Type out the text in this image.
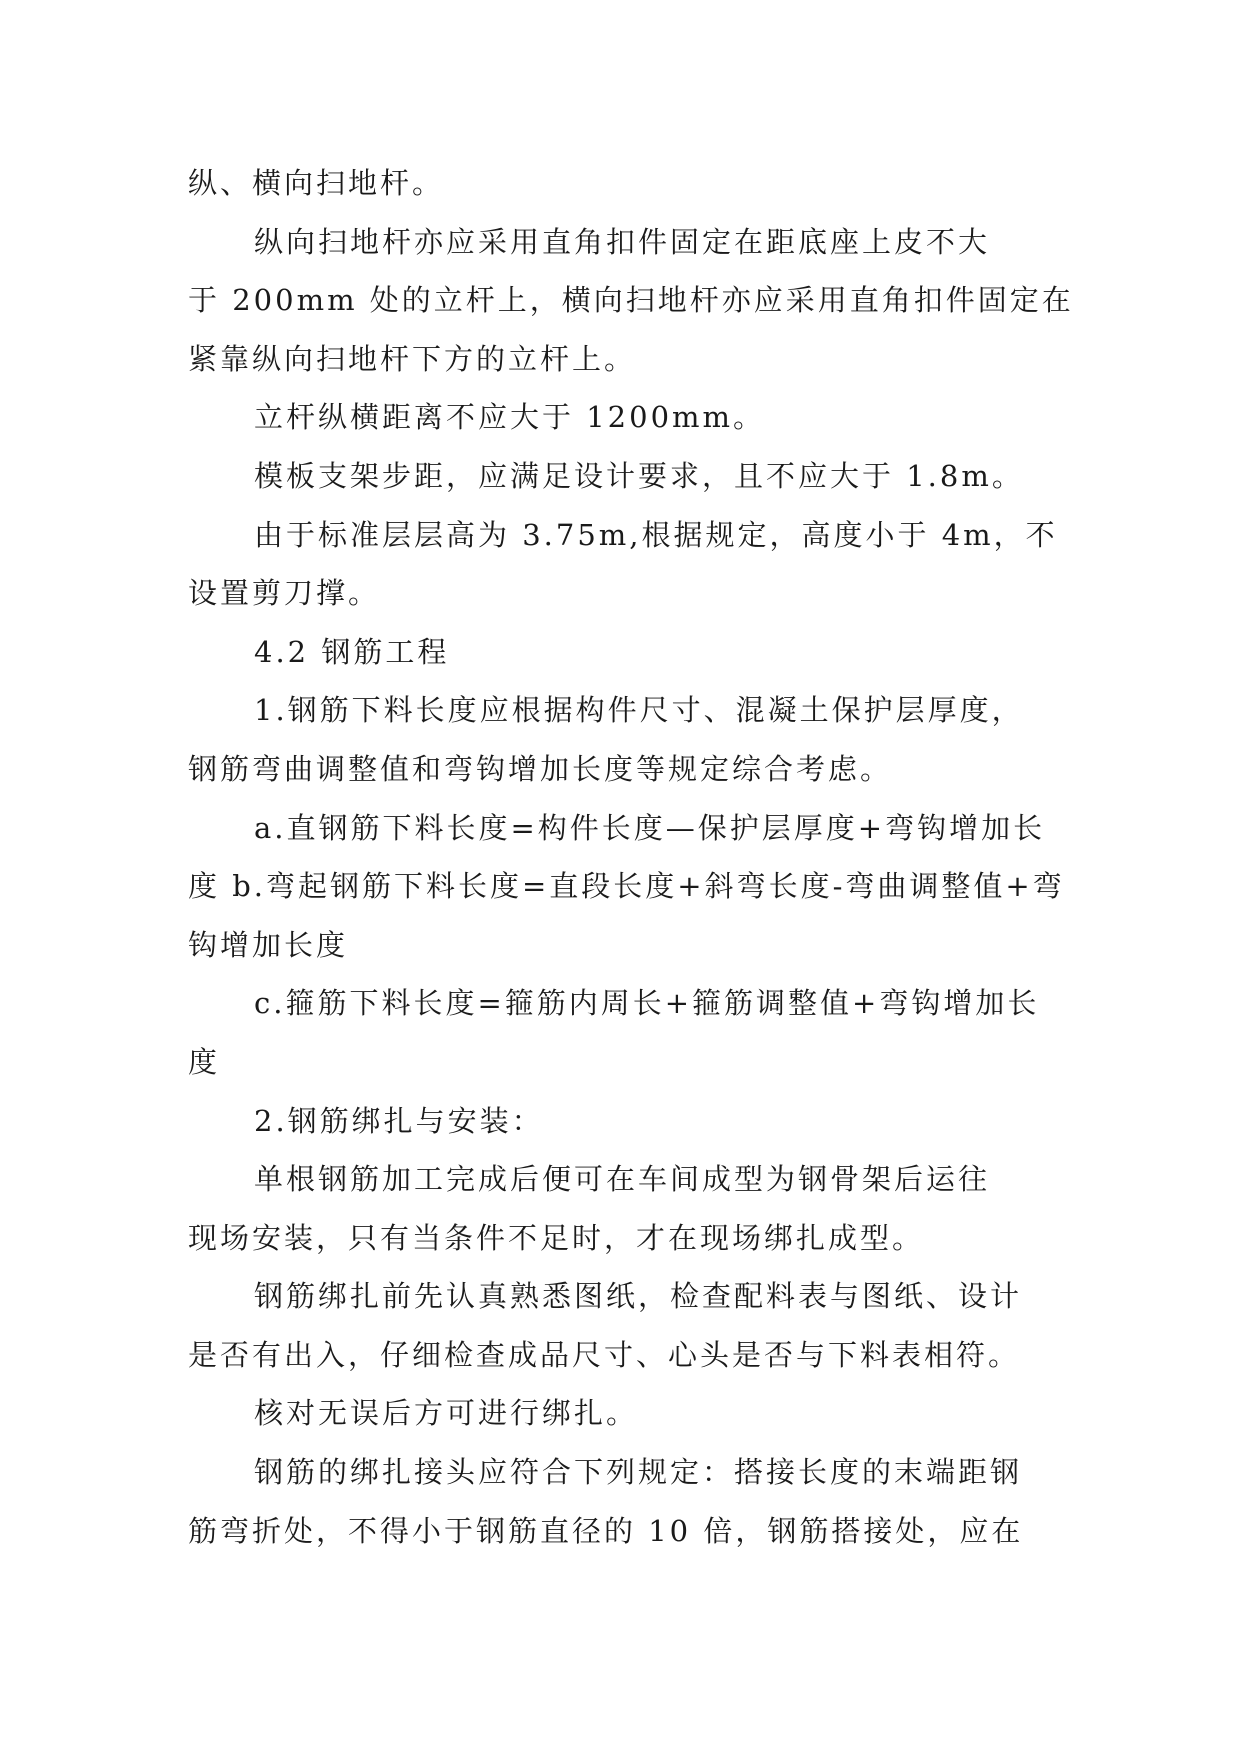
纵、横向扫地杆。
纵向扫地杆亦应采用直角扣件固定在距底座上皮不大
于 200mm 处的立杆上，横向扫地杆亦应采用直角扣件固定在
紧靠纵向扫地杆下方的立杆上。
立杆纵横距离不应大于 1200mm。
模板支架步距，应满足设计要求，且不应大于 1.8m。
由于标准层层高为 3.75m,根据规定，高度小于 4m，不
设置剪刀撑。
4.2 钢筋工程
1.钢筋下料长度应根据构件尺寸、混凝土保护层厚度，
钢筋弯曲调整值和弯钩增加长度等规定综合考虑。
a.直钢筋下料长度=构件长度—保护层厚度+弯钩增加长
度 b.弯起钢筋下料长度=直段长度+斜弯长度-弯曲调整值+弯
钩增加长度
c.箍筋下料长度=箍筋内周长+箍筋调整值+弯钩增加长
度
2.钢筋绑扎与安装：
单根钢筋加工完成后便可在车间成型为钢骨架后运往
现场安装，只有当条件不足时，才在现场绑扎成型。
钢筋绑扎前先认真熟悉图纸，检查配料表与图纸、设计
是否有出入，仔细检查成品尺寸、心头是否与下料表相符。
核对无误后方可进行绑扎。
钢筋的绑扎接头应符合下列规定：搭接长度的末端距钢
筋弯折处，不得小于钢筋直径的 10 倍，钢筋搭接处，应在
